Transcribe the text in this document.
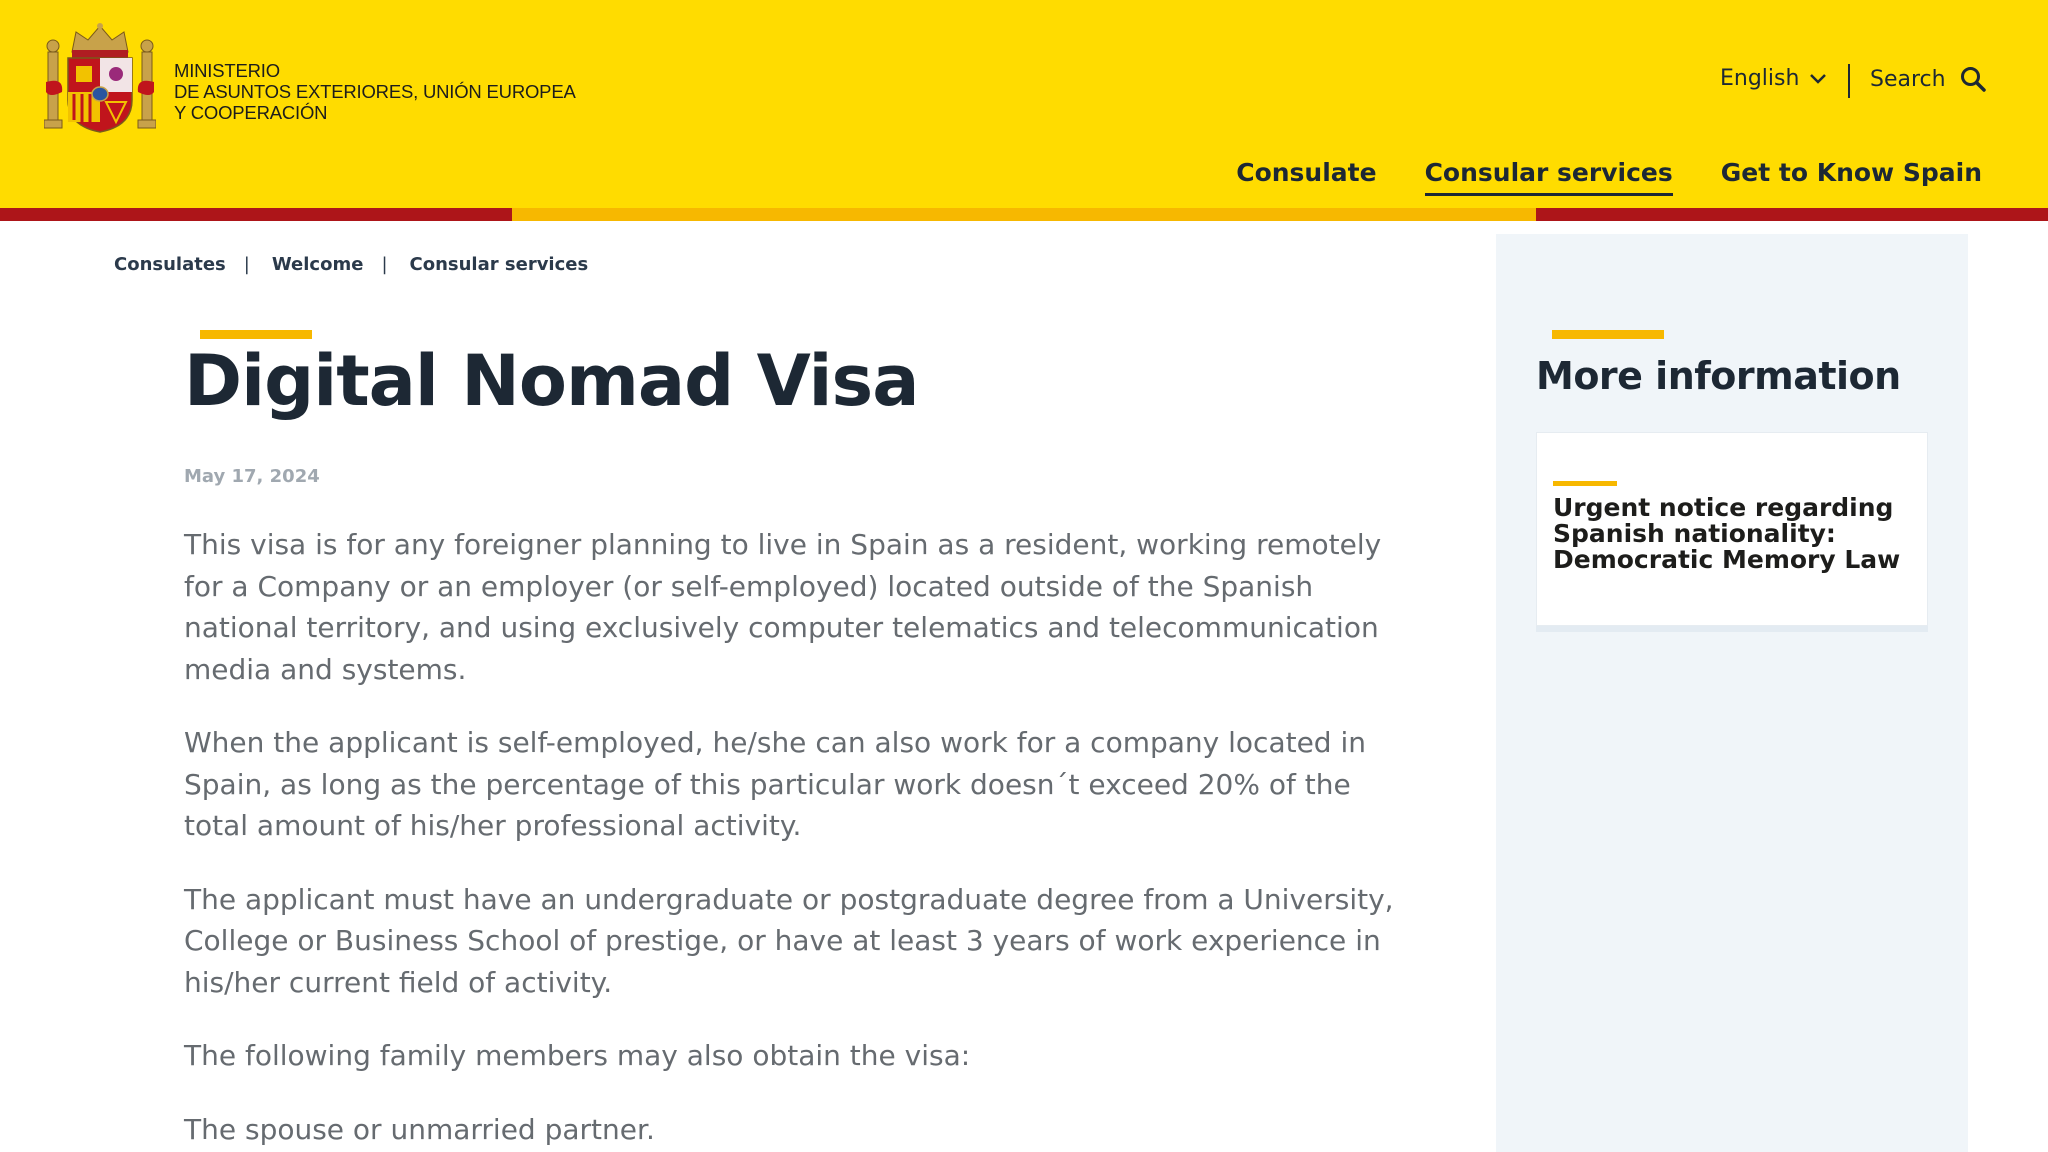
MINISTERIO
DE ASUNTOS EXTERIORES, UNIÓN EUROPEA
Y COOPERACIÓN
English	Search
Consulate Consular services Get to Know Spain
Consulates | Welcome | Consular services
Digital Nomad Visa
May 17, 2024

This visa is for any foreigner planning to live in Spain as a resident, working remotely for a Company or an employer (or self-employed) located outside of the Spanish national territory, and using exclusively computer telematics and telecommunication media and systems.

When the applicant is self-employed, he/she can also work for a company located in Spain, as long as the percentage of this particular work doesn´t exceed 20% of the total amount of his/her professional activity.

The applicant must have an undergraduate or postgraduate degree from a University, College or Business School of prestige, or have at least 3 years of work experience in his/her current field of activity.

The following family members may also obtain the visa:

The spouse or unmarried partner.

More information
Urgent notice regarding Spanish nationality: Democratic Memory Law
